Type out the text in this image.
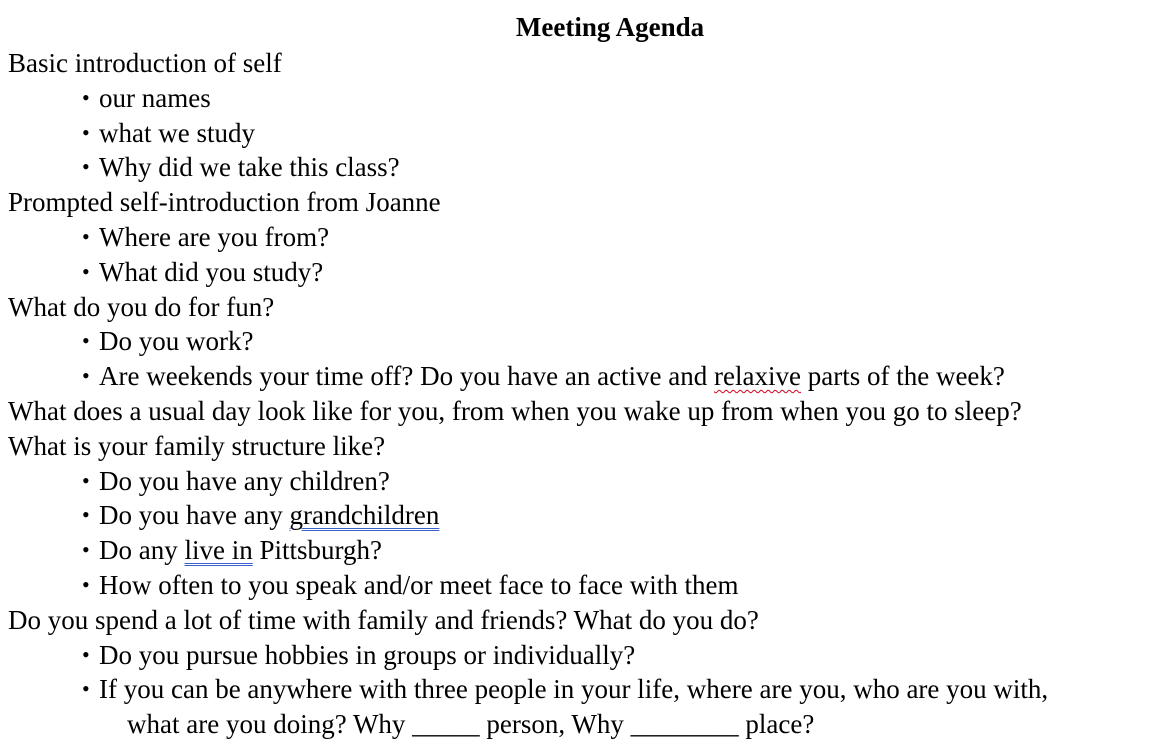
Meeting Agenda

Basic introduction of self

• our names
• what we study
• Why did we take this class?

Prompted self-introduction from Joanne

• Where are you from?
• What did you study?

What do you do for fun?

• Do you work?
• Are weekends your time off? Do you have an active and relaxive parts of the week?

What does a usual day look like for you, from when you wake up from when you go to sleep?

What is your family structure like?

• Do you have any children?
• Do you have any grandchildren
• Do any live in Pittsburgh?
• How often to you speak and/or meet face to face with them

Do you spend a lot of time with family and friends? What do you do?

• Do you pursue hobbies in groups or individually?
• If you can be anywhere with three people in your life, where are you, who are you with,
what are you doing? Why _____ person, Why ________ place?
